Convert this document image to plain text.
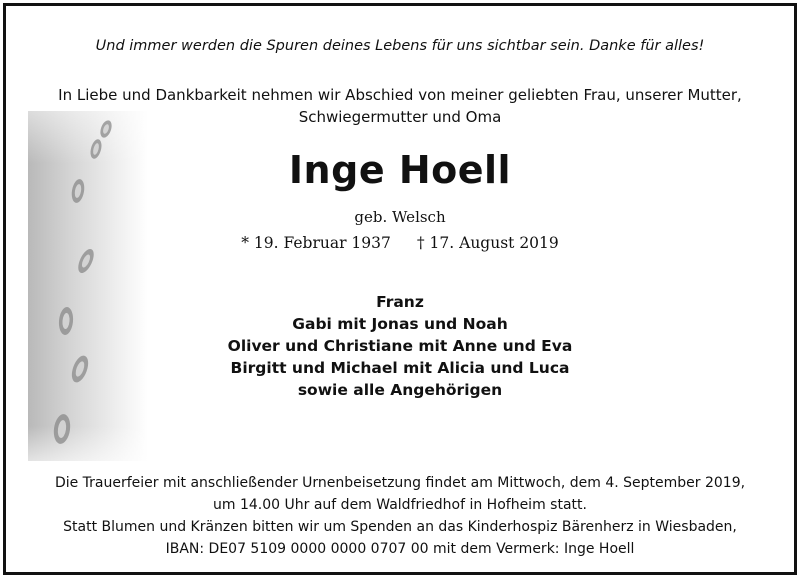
Und immer werden die Spuren deines Lebens für uns sichtbar sein. Danke für alles!
In Liebe und Dankbarkeit nehmen wir Abschied von meiner geliebten Frau, unserer Mutter,
Schwiegermutter und Oma
Inge Hoell
geb. Welsch
* 19. Februar 1937 † 17. August 2019
Franz
Gabi mit Jonas und Noah
Oliver und Christiane mit Anne und Eva
Birgitt und Michael mit Alicia und Luca
sowie alle Angehörigen
Die Trauerfeier mit anschließender Urnenbeisetzung findet am Mittwoch, dem 4. September 2019,
um 14.00 Uhr auf dem Waldfriedhof in Hofheim statt.
Statt Blumen und Kränzen bitten wir um Spenden an das Kinderhospiz Bärenherz in Wiesbaden,
IBAN: DE07 5109 0000 0000 0707 00 mit dem Vermerk: Inge Hoell
